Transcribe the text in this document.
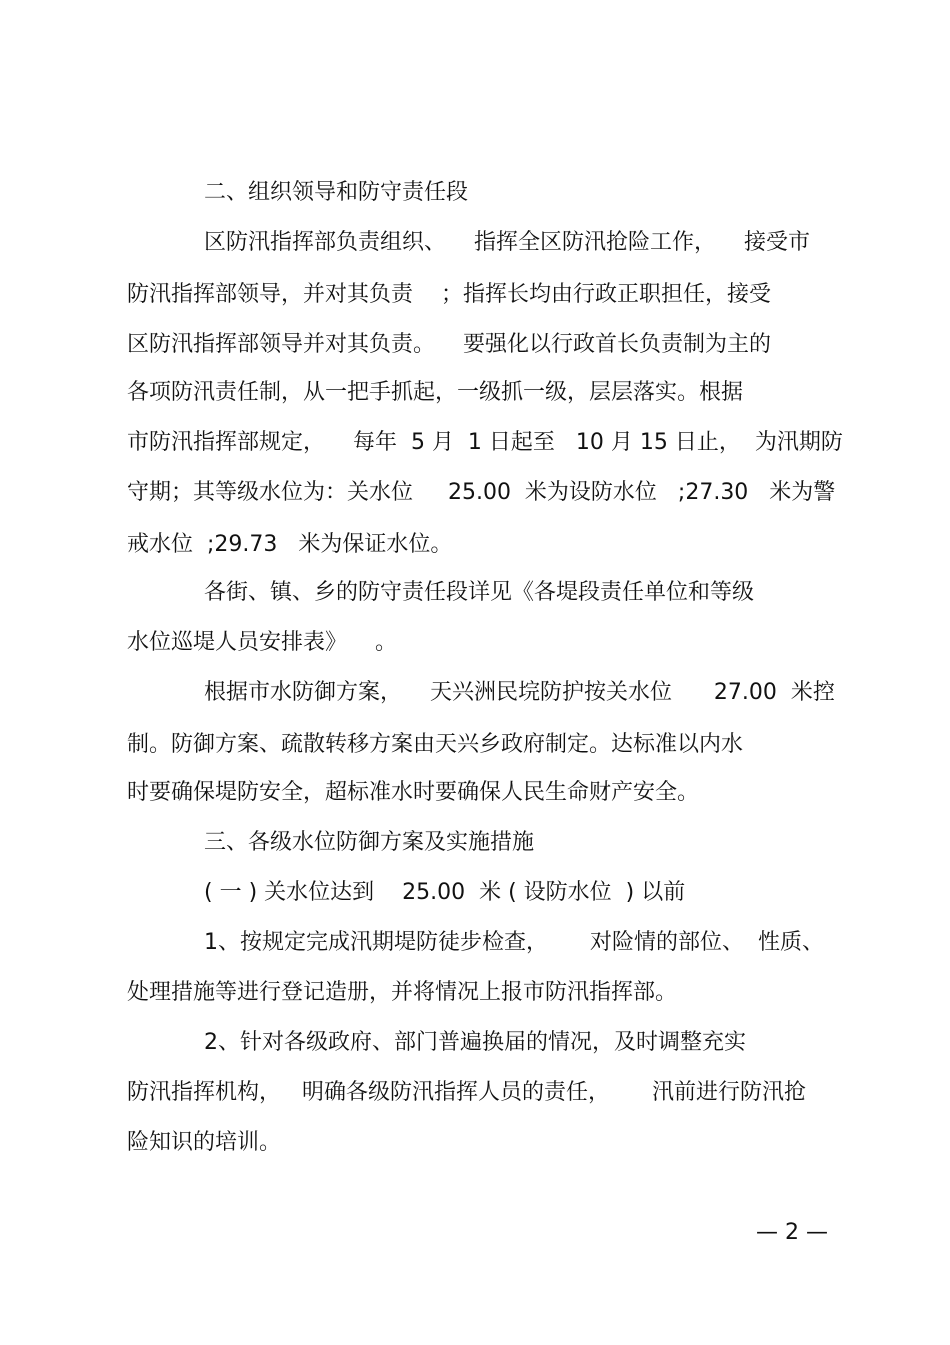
二、组织领导和防守责任段

区防汛指挥部负责组织、    指挥全区防汛抢险工作，    接受市

防汛指挥部领导，并对其负责    ；指挥长均由行政正职担任，接受

区防汛指挥部领导并对其负责。    要强化以行政首长负责制为主的

各项防汛责任制，从一把手抓起，一级抓一级，层层落实。根据

市防汛指挥部规定，    每年  5 月  1 日起至   10 月 15 日止，  为汛期防

守期；其等级水位为：关水位     25.00  米为设防水位   ;27.30   米为警

戒水位  ;29.73   米为保证水位。

各街、镇、乡的防守责任段详见《各堤段责任单位和等级

水位巡堤人员安排表》    。

根据市水防御方案，    天兴洲民垸防护按关水位      27.00  米控

制。防御方案、疏散转移方案由天兴乡政府制定。达标准以内水

时要确保堤防安全，超标准水时要确保人民生命财产安全。

三、各级水位防御方案及实施措施

( 一 ) 关水位达到    25.00  米 ( 设防水位  ) 以前

1、按规定完成汛期堤防徒步检查，      对险情的部位、  性质、

处理措施等进行登记造册，并将情况上报市防汛指挥部。

2、针对各级政府、部门普遍换届的情况，及时调整充实

防汛指挥机构，   明确各级防汛指挥人员的责任，      汛前进行防汛抢

险知识的培训。

— 2 —
